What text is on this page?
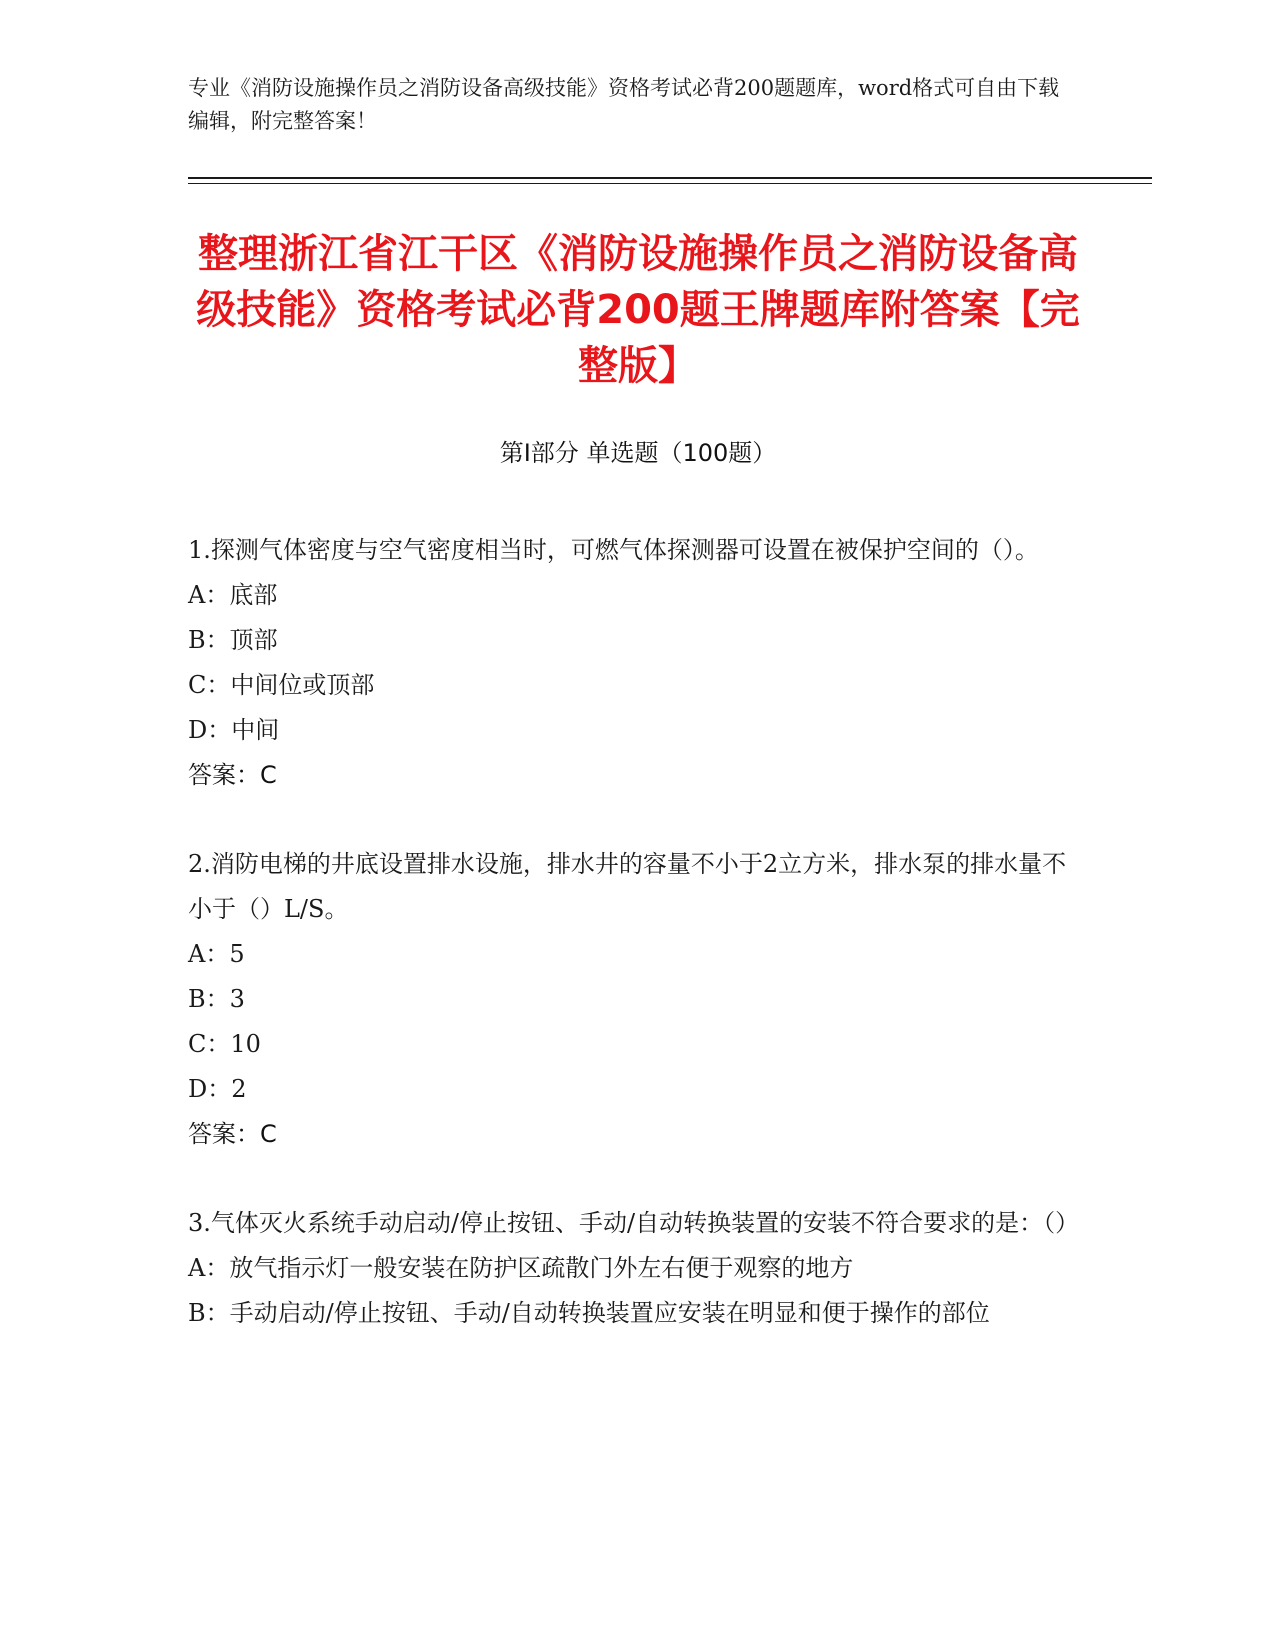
专业《消防设施操作员之消防设备高级技能》资格考试必背200题题库，word格式可自由下载编辑，附完整答案！
整理浙江省江干区《消防设施操作员之消防设备高级技能》资格考试必背200题王牌题库附答案【完整版】
第Ⅰ部分 单选题（100题）

1.探测气体密度与空气密度相当时，可燃气体探测器可设置在被保护空间的（）。

A：底部

B：顶部

C：中间位或顶部

D：中间

答案：C

2.消防电梯的井底设置排水设施，排水井的容量不小于2立方米，排水泵的排水量不小于（）L/S。

A：5

B：3

C：10

D：2

答案：C

3.气体灭火系统手动启动/停止按钮、手动/自动转换装置的安装不符合要求的是：（）

A：放气指示灯一般安装在防护区疏散门外左右便于观察的地方

B：手动启动/停止按钮、手动/自动转换装置应安装在明显和便于操作的部位
